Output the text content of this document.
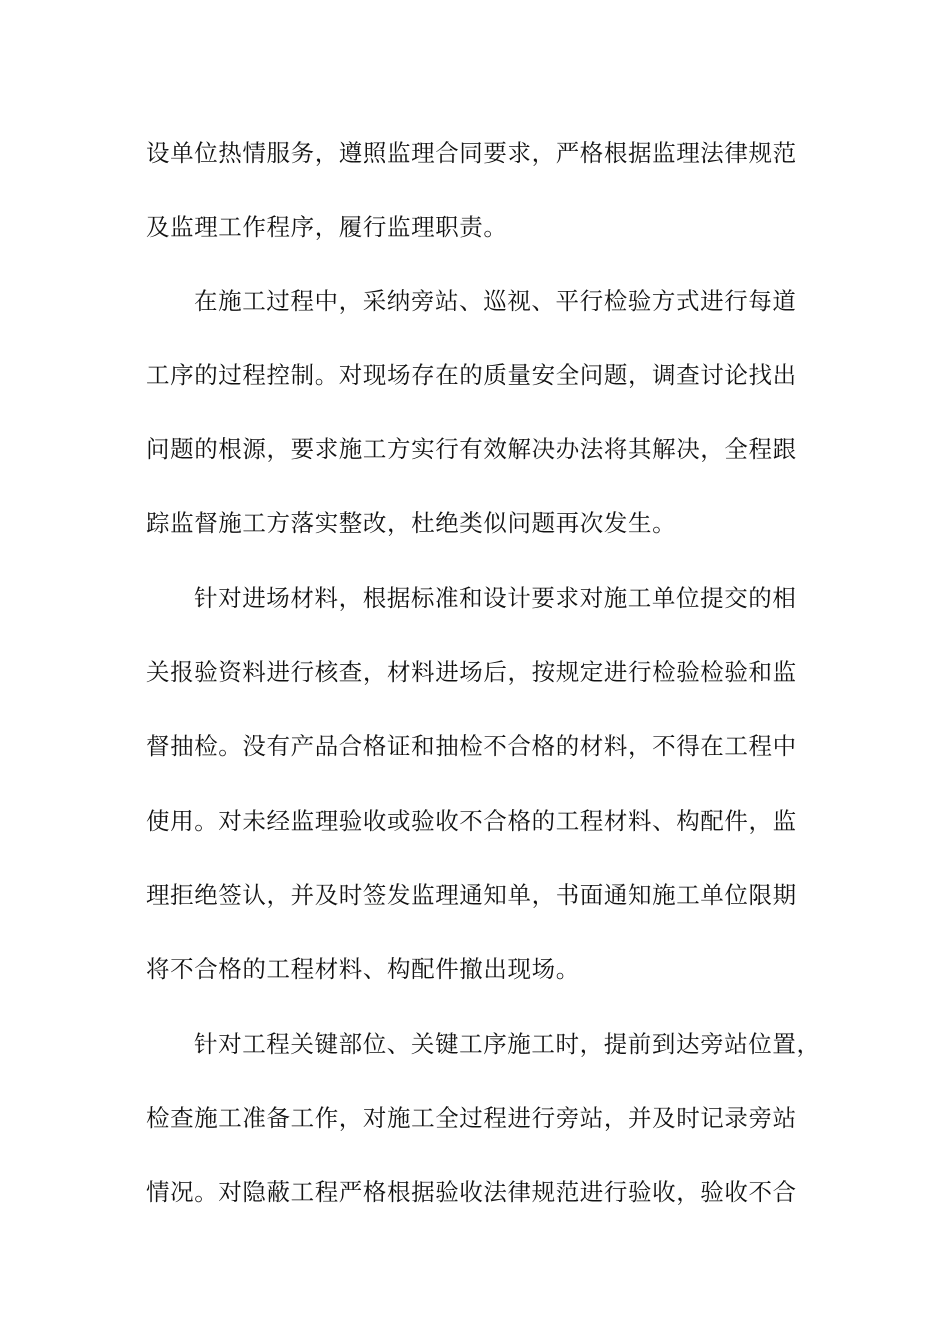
设单位热情服务，遵照监理合同要求，严格根据监理法律规范
及监理工作程序，履行监理职责。
在施工过程中，采纳旁站、巡视、平行检验方式进行每道
工序的过程控制。对现场存在的质量安全问题，调查讨论找出
问题的根源，要求施工方实行有效解决办法将其解决，全程跟
踪监督施工方落实整改，杜绝类似问题再次发生。
针对进场材料，根据标准和设计要求对施工单位提交的相
关报验资料进行核查，材料进场后，按规定进行检验检验和监
督抽检。没有产品合格证和抽检不合格的材料，不得在工程中
使用。对未经监理验收或验收不合格的工程材料、构配件，监
理拒绝签认，并及时签发监理通知单，书面通知施工单位限期
将不合格的工程材料、构配件撤出现场。
针对工程关键部位、关键工序施工时，提前到达旁站位置，
检查施工准备工作，对施工全过程进行旁站，并及时记录旁站
情况。对隐蔽工程严格根据验收法律规范进行验收，验收不合
